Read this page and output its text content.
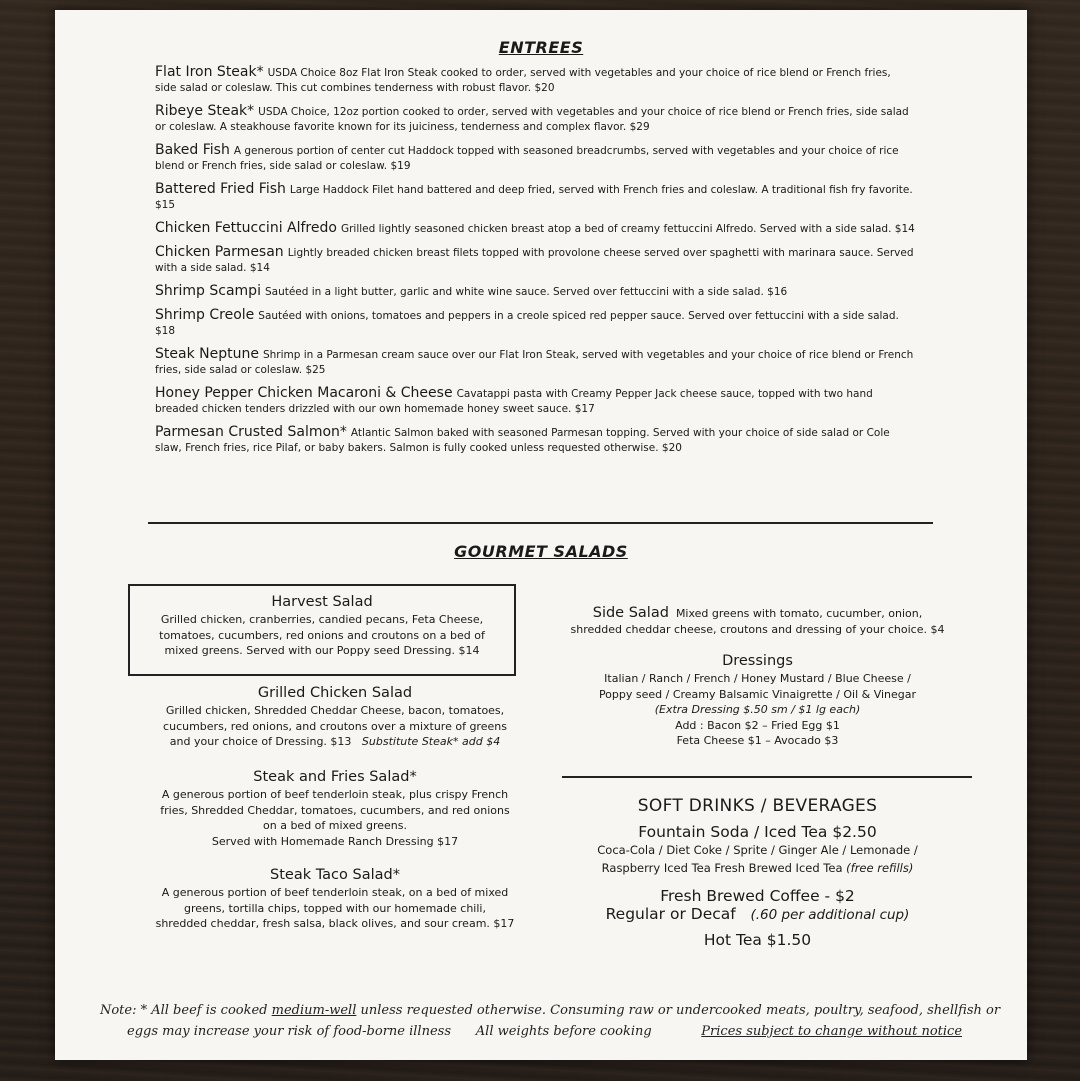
ENTREES
Flat Iron Steak* USDA Choice 8oz Flat Iron Steak cooked to order, served with vegetables and your choice of rice blend or French fries, side salad or coleslaw. This cut combines tenderness with robust flavor. $20
Ribeye Steak* USDA Choice, 12oz portion cooked to order, served with vegetables and your choice of rice blend or French fries, side salad or coleslaw. A steakhouse favorite known for its juiciness, tenderness and complex flavor. $29
Baked Fish A generous portion of center cut Haddock topped with seasoned breadcrumbs, served with vegetables and your choice of rice blend or French fries, side salad or coleslaw. $19
Battered Fried Fish Large Haddock Filet hand battered and deep fried, served with French fries and coleslaw. A traditional fish fry favorite. $15
Chicken Fettuccini Alfredo Grilled lightly seasoned chicken breast atop a bed of creamy fettuccini Alfredo. Served with a side salad. $14
Chicken Parmesan Lightly breaded chicken breast filets topped with provolone cheese served over spaghetti with marinara sauce. Served with a side salad. $14
Shrimp Scampi Sautéed in a light butter, garlic and white wine sauce. Served over fettuccini with a side salad. $16
Shrimp Creole Sautéed with onions, tomatoes and peppers in a creole spiced red pepper sauce. Served over fettuccini with a side salad. $18
Steak Neptune Shrimp in a Parmesan cream sauce over our Flat Iron Steak, served with vegetables and your choice of rice blend or French fries, side salad or coleslaw. $25
Honey Pepper Chicken Macaroni & Cheese Cavatappi pasta with Creamy Pepper Jack cheese sauce, topped with two hand breaded chicken tenders drizzled with our own homemade honey sweet sauce. $17
Parmesan Crusted Salmon* Atlantic Salmon baked with seasoned Parmesan topping. Served with your choice of side salad or Cole slaw, French fries, rice Pilaf, or baby bakers. Salmon is fully cooked unless requested otherwise. $20
GOURMET SALADS
Harvest Salad
Grilled chicken, cranberries, candied pecans, Feta Cheese,
tomatoes, cucumbers, red onions and croutons on a bed of
mixed greens. Served with our Poppy seed Dressing. $14
Grilled Chicken Salad
Grilled chicken, Shredded Cheddar Cheese, bacon, tomatoes,
cucumbers, red onions, and croutons over a mixture of greens
and your choice of Dressing. $13 Substitute Steak* add $4
Steak and Fries Salad*
A generous portion of beef tenderloin steak, plus crispy French
fries, Shredded Cheddar, tomatoes, cucumbers, and red onions
on a bed of mixed greens.
Served with Homemade Ranch Dressing $17
Steak Taco Salad*
A generous portion of beef tenderloin steak, on a bed of mixed
greens, tortilla chips, topped with our homemade chili,
shredded cheddar, fresh salsa, black olives, and sour cream. $17
Side Salad Mixed greens with tomato, cucumber, onion,
shredded cheddar cheese, croutons and dressing of your choice. $4
Dressings
Italian / Ranch / French / Honey Mustard / Blue Cheese /
Poppy seed / Creamy Balsamic Vinaigrette / Oil & Vinegar
(Extra Dressing $.50 sm / $1 lg each)
Add : Bacon $2 – Fried Egg $1
Feta Cheese $1 – Avocado $3
SOFT DRINKS / BEVERAGES
Fountain Soda / Iced Tea $2.50
Coca-Cola / Diet Coke / Sprite / Ginger Ale / Lemonade /
Raspberry Iced Tea Fresh Brewed Iced Tea (free refills)
Fresh Brewed Coffee - $2
Regular or Decaf (.60 per additional cup)
Hot Tea $1.50
Note: * All beef is cooked medium-well unless requested otherwise. Consuming raw or undercooked meats, poultry, seafood, shellfish or
eggs may increase your risk of food-borne illness All weights before cooking	Prices subject to change without notice
